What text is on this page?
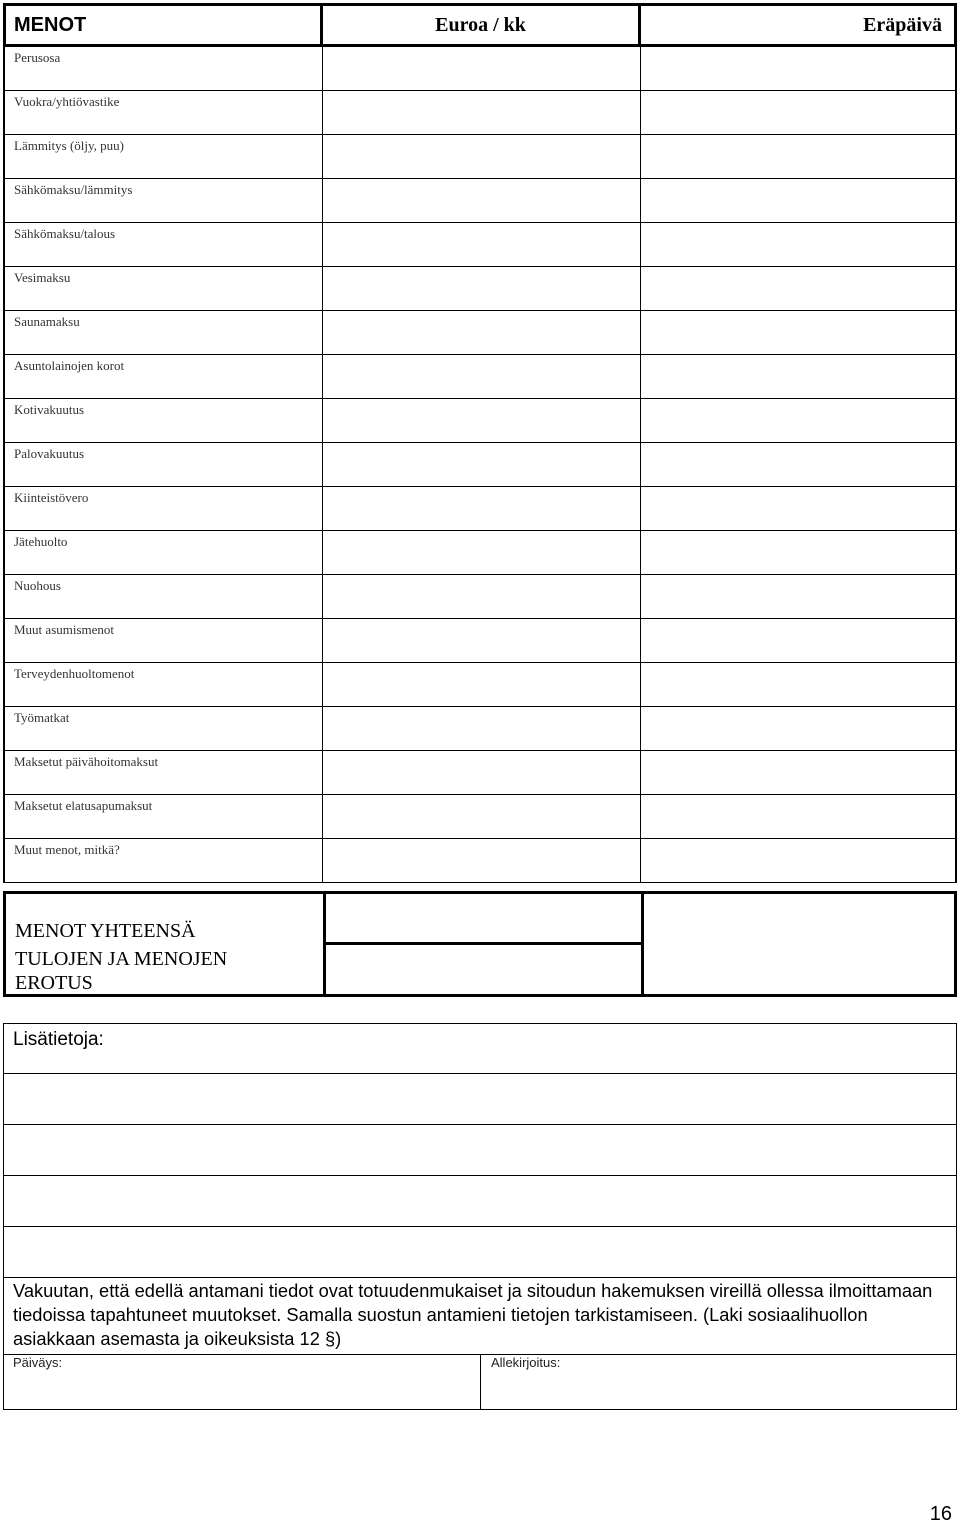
MENOT	Euroa / kk	Eräpäivä
Perusosa
Vuokra/yhtiövastike
Lämmitys (öljy, puu)
Sähkömaksu/lämmitys
Sähkömaksu/talous
Vesimaksu
Saunamaksu
Asuntolainojen korot
Kotivakuutus
Palovakuutus
Kiinteistövero
Jätehuolto
Nuohous
Muut asumismenot
Terveydenhuoltomenot
Työmatkat
Maksetut päivähoitomaksut
Maksetut elatusapumaksut
Muut menot, mitkä?
MENOT YHTEENSÄ
TULOJEN JA MENOJEN
EROTUS
Lisätietoja:

Vakuutan, että edellä antamani tiedot ovat totuudenmukaiset ja sitoudun hakemuksen vireillä ollessa ilmoittamaan tiedoissa tapahtuneet muutokset. Samalla suostun antamieni tietojen tarkistamiseen. (Laki sosiaalihuollon asiakkaan asemasta ja oikeuksista 12 §)

Päiväys:	Allekirjoitus:
16
